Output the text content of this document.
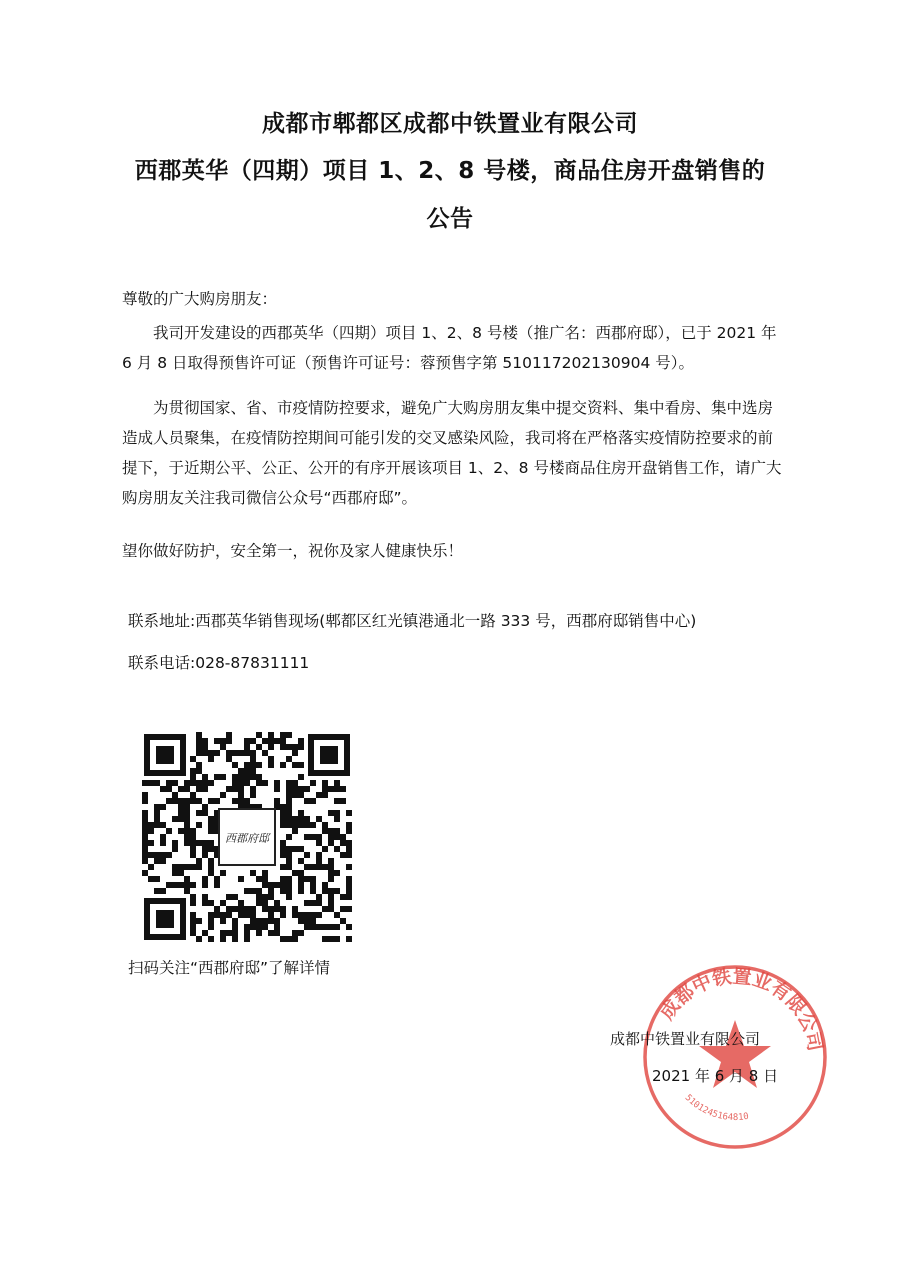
成都市郫都区成都中铁置业有限公司
西郡英华（四期）项目 1、2、8 号楼，商品住房开盘销售的
公告
尊敬的广大购房朋友：
我司开发建设的西郡英华（四期）项目 1、2、8 号楼（推广名：西郡府邸），已于 2021 年 6 月 8 日取得预售许可证（预售许可证号：蓉预售字第 510117202130904 号）。
为贯彻国家、省、市疫情防控要求，避免广大购房朋友集中提交资料、集中看房、集中选房造成人员聚集，在疫情防控期间可能引发的交叉感染风险，我司将在严格落实疫情防控要求的前提下，于近期公平、公正、公开的有序开展该项目 1、2、8 号楼商品住房开盘销售工作，请广大购房朋友关注我司微信公众号“西郡府邸”。
望你做好防护，安全第一，祝你及家人健康快乐！
联系地址:西郡英华销售现场(郫都区红光镇港通北一路 333 号，西郡府邸销售中心)
联系电话:028-87831111
西郡府邸
扫码关注“西郡府邸”了解详情
成都中铁置业有限公司
5101245164810
成都中铁置业有限公司
2021 年 6 月 8 日
